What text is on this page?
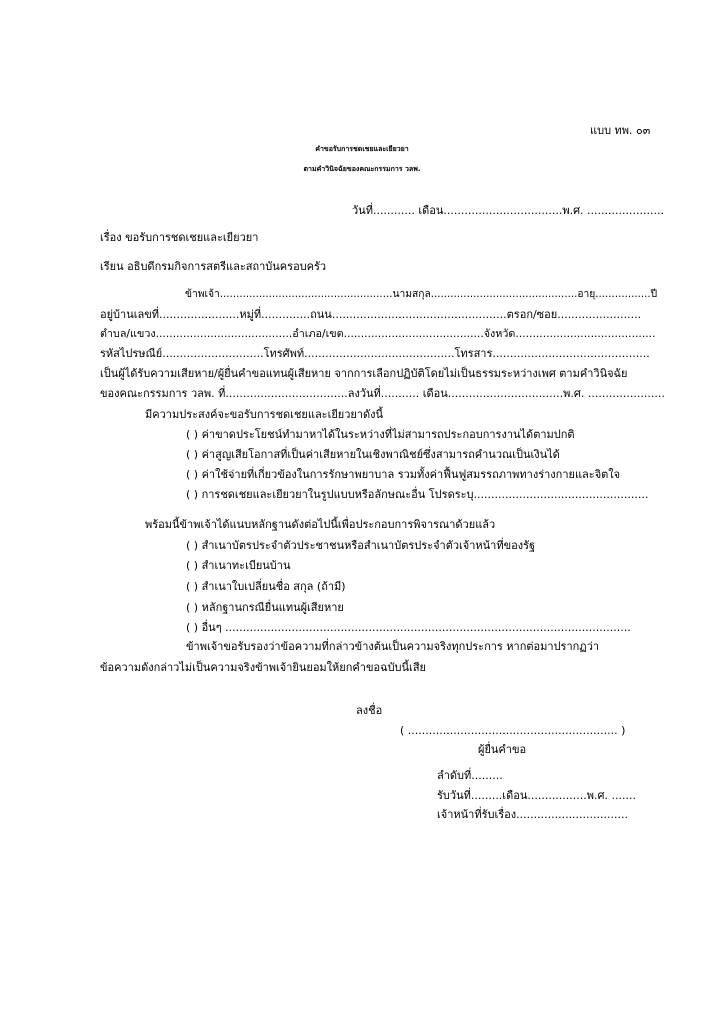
แบบ ทพ. ๐๓
คำขอรับการชดเชยและเยียวยา
ตามคำวินิจฉัยของคณะกรรมการ วลพ.
วันที่............ เดือน..................................พ.ศ. ......................
เรื่อง ขอรับการชดเชยและเยียวยา
เรียน อธิบดีกรมกิจการสตรีและสถาบันครอบครัว
ข้าพเจ้า.....................................................นามสกุล.............................................อายุ.................ปี
อยู่บ้านเลขที่.......................หมู่ที่..............ถนน..................................................ตรอก/ซอย........................
ตำบล/แขวง........................................อำเภอ/เขต.........................................จังหวัด.........................................
รหัสไปรษณีย์.............................โทรศัพท์...........................................โทรสาร.............................................
เป็นผู้ได้รับความเสียหาย/ผู้ยื่นคำขอแทนผู้เสียหาย จากการเลือกปฏิบัติโดยไม่เป็นธรรมระหว่างเพศ ตามคำวินิจฉัย
ของคณะกรรมการ วลพ. ที่...................................ลงวันที่........... เดือน.................................พ.ศ. ......................
มีความประสงค์จะขอรับการชดเชยและเยียวยาดังนี้
( ) ค่าขาดประโยชน์ทำมาหาได้ในระหว่างที่ไม่สามารถประกอบการงานได้ตามปกติ
( ) ค่าสูญเสียโอกาสที่เป็นค่าเสียหายในเชิงพาณิชย์ซึ่งสามารถคำนวณเป็นเงินได้
( ) ค่าใช้จ่ายที่เกี่ยวข้องในการรักษาพยาบาล รวมทั้งค่าฟื้นฟูสมรรถภาพทางร่างกายและจิตใจ
( ) การชดเชยและเยียวยาในรูปแบบหรือลักษณะอื่น โปรดระบุ..................................................
พร้อมนี้ข้าพเจ้าได้แนบหลักฐานดังต่อไปนี้เพื่อประกอบการพิจารณาด้วยแล้ว
( ) สำเนาบัตรประจำตัวประชาชนหรือสำเนาบัตรประจำตัวเจ้าหน้าที่ของรัฐ
( ) สำเนาทะเบียนบ้าน
( ) สำเนาใบเปลี่ยนชื่อ สกุล (ถ้ามี)
( ) หลักฐานกรณียื่นแทนผู้เสียหาย
( ) อื่นๆ ....................................................................................................................
ข้าพเจ้าขอรับรองว่าข้อความที่กล่าวข้างต้นเป็นความจริงทุกประการ หากต่อมาปรากฏว่า
ข้อความดังกล่าวไม่เป็นความจริงข้าพเจ้ายินยอมให้ยกคำขอฉบับนี้เสีย
ลงชื่อ
( ............................................................ )
ผู้ยื่นคำขอ
ลำดับที่.........
รับวันที่.........เดือน.................พ.ศ. .......
เจ้าหน้าที่รับเรื่อง................................
